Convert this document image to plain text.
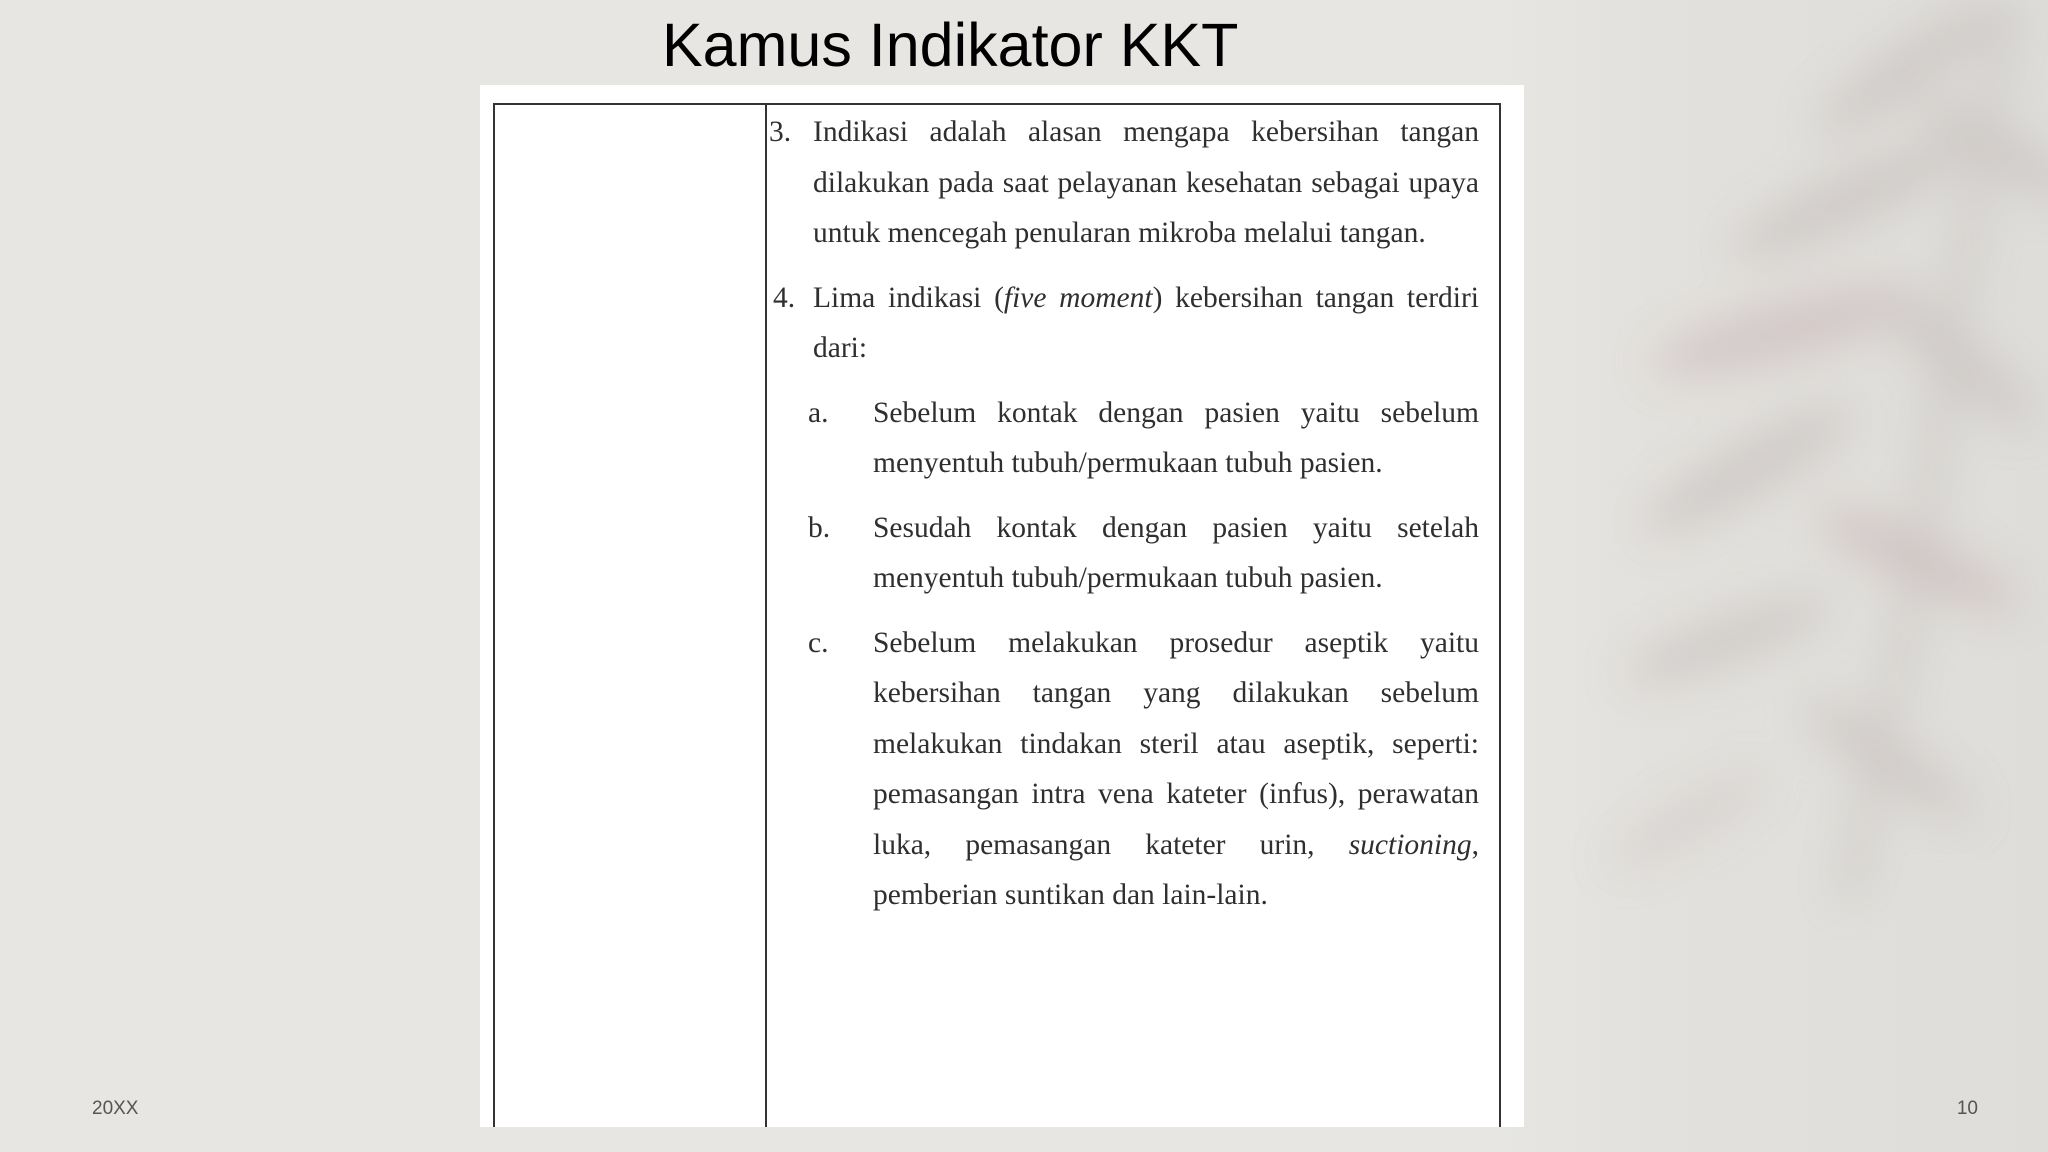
Kamus Indikator KKT
3. Indikasi adalah alasan mengapa kebersihan tangan dilakukan pada saat pelayanan kesehatan sebagai upaya untuk mencegah penularan mikroba melalui tangan.
4. Lima indikasi (five moment) kebersihan tangan terdiri dari:
a. Sebelum kontak dengan pasien yaitu sebelum menyentuh tubuh/permukaan tubuh pasien.
b. Sesudah kontak dengan pasien yaitu setelah menyentuh tubuh/permukaan tubuh pasien.
c. Sebelum melakukan prosedur aseptik yaitu kebersihan tangan yang dilakukan sebelum melakukan tindakan steril atau aseptik, seperti: pemasangan intra vena kateter (infus), perawatan luka, pemasangan kateter urin, suctioning, pemberian suntikan dan lain-lain.
20XX	10
